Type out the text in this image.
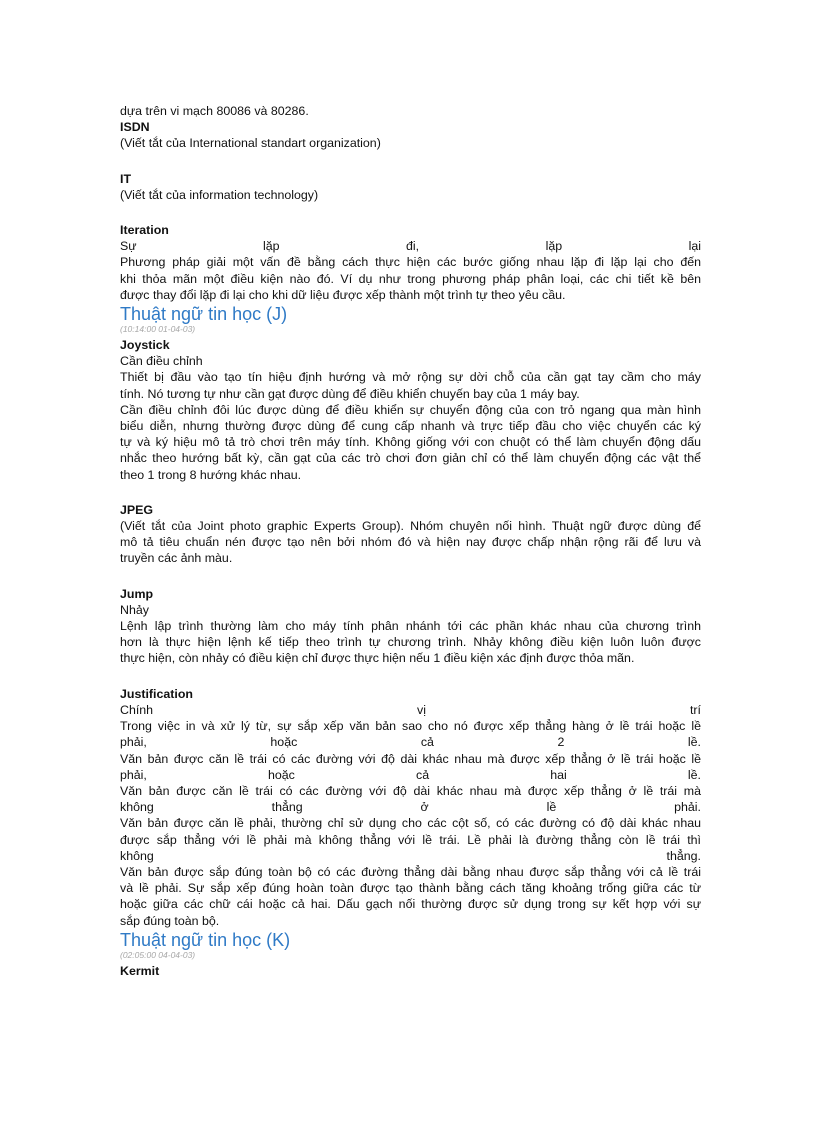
dựa trên vi mạch 80086 và 80286.

ISDN

(Viết tắt của International standart organization)

IT

(Viết tắt của information technology)

Iteration

Sự lặp đi, lặp lại

Phương pháp giải một vấn đề bằng cách thực hiện các bước giống nhau lặp đi lặp lại cho đến

khi thỏa mãn một điều kiện nào đó. Ví dụ như trong phương pháp phân loại, các chi tiết kề bên

được thay đổi lặp đi lại cho khi dữ liệu được xếp thành một trình tự theo yêu cầu.

Thuật ngữ tin học (J)

(10:14:00 01-04-03)

Joystick

Cần điều chỉnh

Thiết bị đầu vào tạo tín hiệu định hướng và mở rộng sự dời chỗ của cần gạt tay cầm cho máy

tính. Nó tương tự như cần gạt được dùng để điều khiển chuyến bay của 1 máy bay.

Cần điều chỉnh đôi lúc được dùng để điều khiển sự chuyển động của con trỏ ngang qua màn hình

biểu diễn, nhưng thường được dùng để cung cấp nhanh và trực tiếp đầu cho việc chuyển các ký

tự và ký hiệu mô tả trò chơi trên máy tính. Không giống với con chuột có thể làm chuyển động dấu

nhắc theo hướng bất kỳ, cần gạt của các trò chơi đơn giản chỉ có thể làm chuyển động các vật thể

theo 1 trong 8 hướng khác nhau.

JPEG

(Viết tắt của Joint photo graphic Experts Group). Nhóm chuyên nối hình. Thuật ngữ được dùng để

mô tả tiêu chuẩn nén được tạo nên bởi nhóm đó và hiện nay được chấp nhận rộng rãi để lưu và

truyền các ảnh màu.

Jump

Nhảy

Lệnh lập trình thường làm cho máy tính phân nhánh tới các phần khác nhau của chương trình

hơn là thực hiện lệnh kế tiếp theo trình tự chương trình. Nhảy không điều kiện luôn luôn được

thực hiện, còn nhảy có điều kiện chỉ được thực hiện nếu 1 điều kiện xác định được thỏa mãn.

Justification

Chính vị trí

Trong việc in và xử lý từ, sự sắp xếp văn bản sao cho nó được xếp thẳng hàng ở lề trái hoặc lề

phải, hoặc cả 2 lề.

Văn bản được căn lề trái có các đường với độ dài khác nhau mà được xếp thẳng ở lề trái hoặc lề

phải, hoặc cả hai lề.

Văn bản được căn lề trái có các đường với độ dài khác nhau mà được xếp thẳng ở lề trái mà

không thẳng ở lề phải.

Văn bản được căn lề phải, thường chỉ sử dụng cho các cột số, có các đường có độ dài khác nhau

được sắp thẳng với lề phải mà không thẳng với lề trái. Lề phải là đường thẳng còn lề trái thì

không thẳng.

Văn bản được sắp đúng toàn bộ có các đường thẳng dài bằng nhau được sắp thẳng với cả lề trái

và lề phải. Sự sắp xếp đúng hoàn toàn được tạo thành bằng cách tăng khoảng trống giữa các từ

hoặc giữa các chữ cái hoặc cả hai. Dấu gạch nối thường được sử dụng trong sự kết hợp với sự

sắp đúng toàn bộ.

Thuật ngữ tin học (K)

(02:05:00 04-04-03)

Kermit
